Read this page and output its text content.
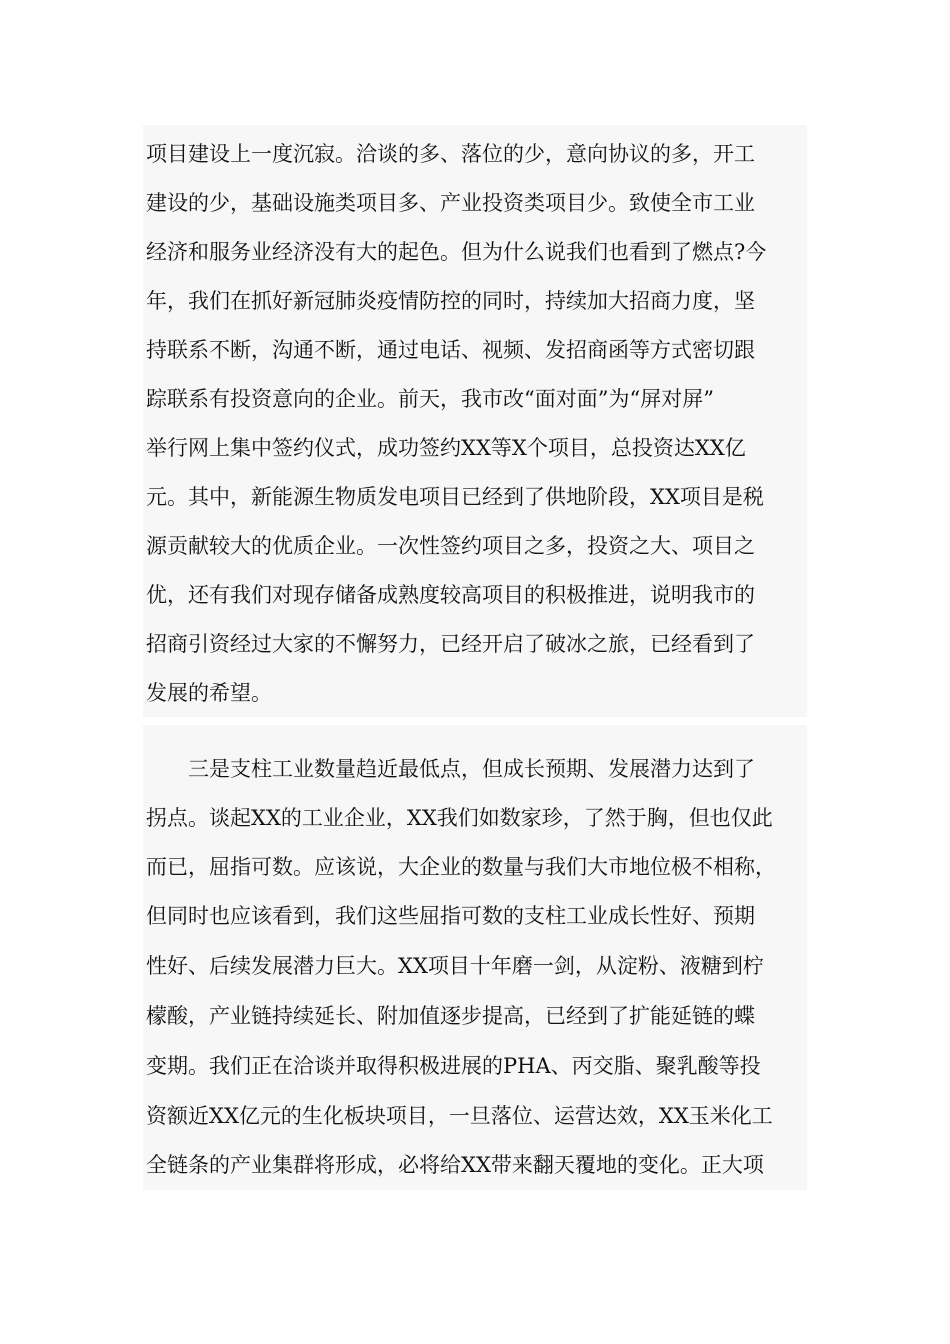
项目建设上一度沉寂。洽谈的多、落位的少，意向协议的多，开工
建设的少，基础设施类项目多、产业投资类项目少。致使全市工业
经济和服务业经济没有大的起色。但为什么说我们也看到了燃点?今
年，我们在抓好新冠肺炎疫情防控的同时，持续加大招商力度，坚
持联系不断，沟通不断，通过电话、视频、发招商函等方式密切跟
踪联系有投资意向的企业。前天，我市改“面对面”为“屏对屏”
举行网上集中签约仪式，成功签约XX等X个项目，总投资达XX亿
元。其中，新能源生物质发电项目已经到了供地阶段，XX项目是税
源贡献较大的优质企业。一次性签约项目之多，投资之大、项目之
优，还有我们对现存储备成熟度较高项目的积极推进，说明我市的
招商引资经过大家的不懈努力，已经开启了破冰之旅，已经看到了
发展的希望。
　　三是支柱工业数量趋近最低点，但成长预期、发展潜力达到了
拐点。谈起XX的工业企业，XX我们如数家珍，了然于胸，但也仅此
而已，屈指可数。应该说，大企业的数量与我们大市地位极不相称，
但同时也应该看到，我们这些屈指可数的支柱工业成长性好、预期
性好、后续发展潜力巨大。XX项目十年磨一剑，从淀粉、液糖到柠
檬酸，产业链持续延长、附加值逐步提高，已经到了扩能延链的蝶
变期。我们正在洽谈并取得积极进展的PHA、丙交脂、聚乳酸等投
资额近XX亿元的生化板块项目，一旦落位、运营达效，XX玉米化工
全链条的产业集群将形成，必将给XX带来翻天覆地的变化。正大项
